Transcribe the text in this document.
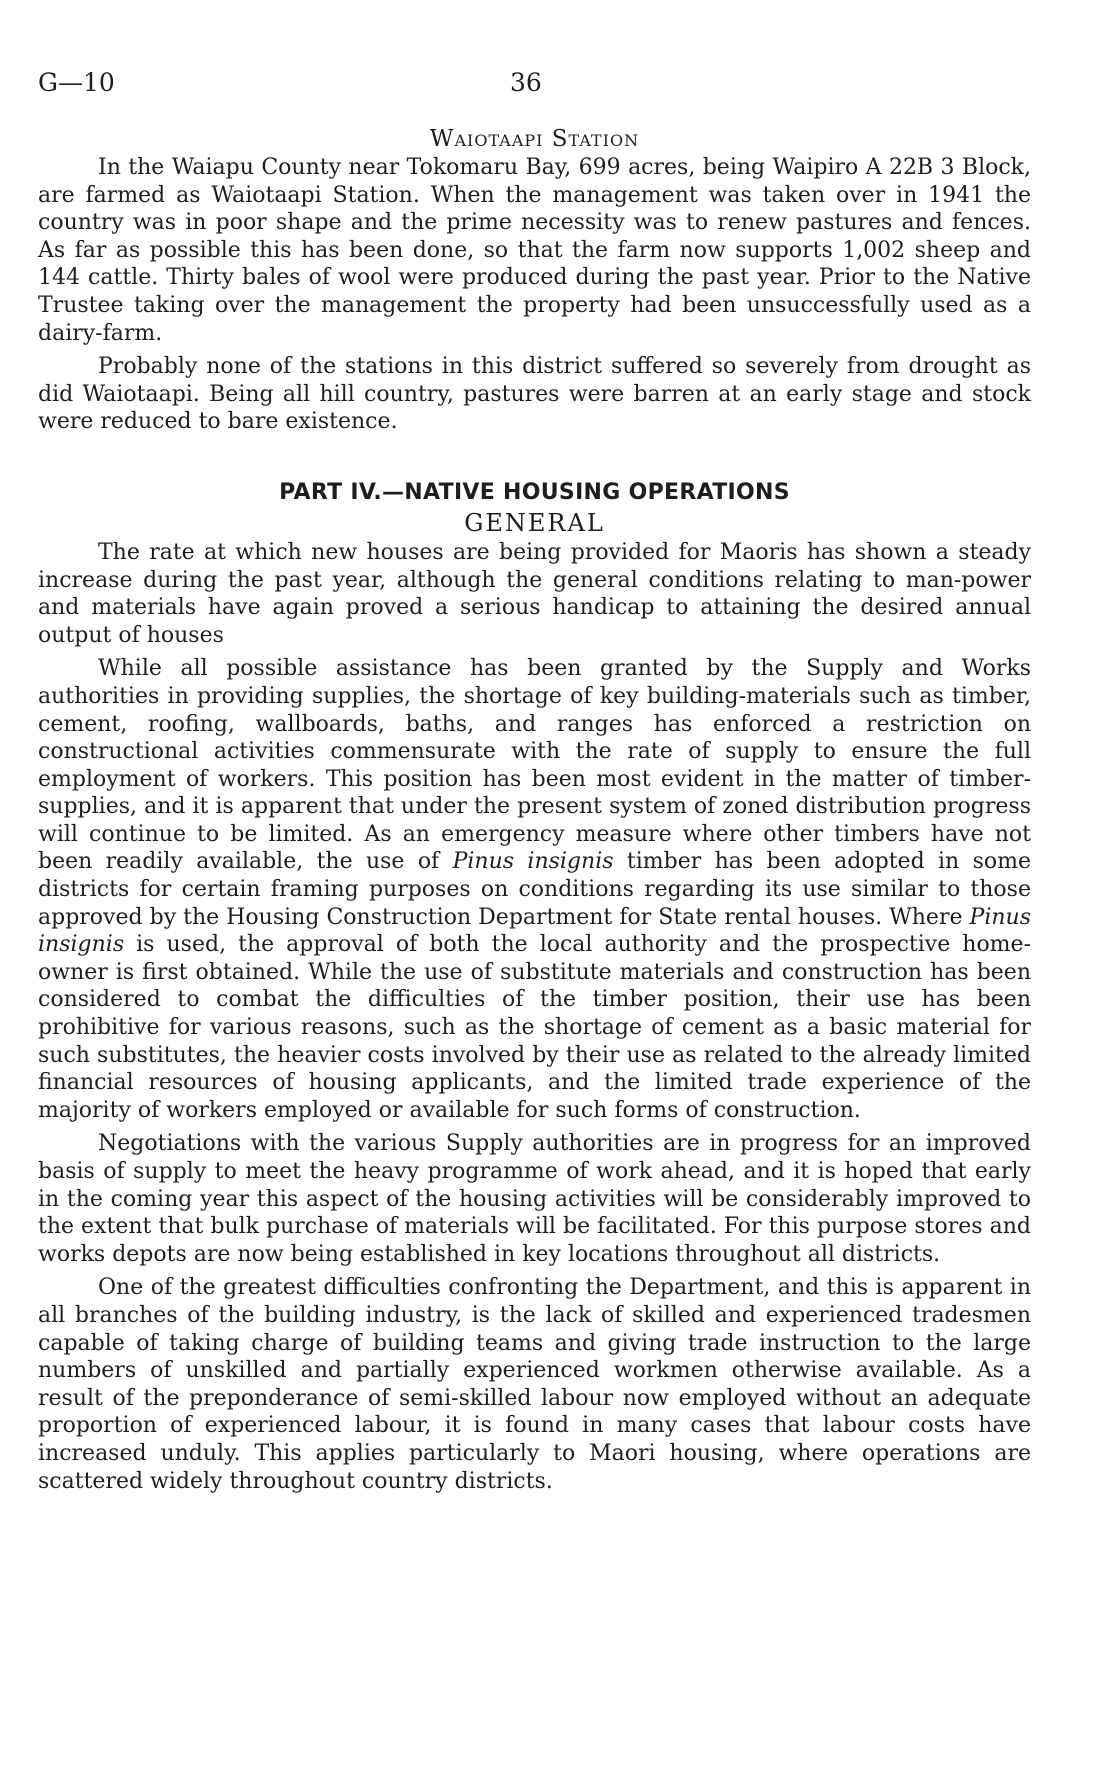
G—10	36
Waiotaapi Station

In the Waiapu County near Tokomaru Bay, 699 acres, being Waipiro A 22B 3 Block, are farmed as Waiotaapi Station. When the management was taken over in 1941 the country was in poor shape and the prime necessity was to renew pastures and fences. As far as possible this has been done, so that the farm now supports 1,002 sheep and 144 cattle. Thirty bales of wool were produced during the past year. Prior to the Native Trustee taking over the management the property had been unsuccessfully used as a dairy-farm.

Probably none of the stations in this district suffered so severely from drought as did Waiotaapi. Being all hill country, pastures were barren at an early stage and stock were reduced to bare existence.

PART IV.—NATIVE HOUSING OPERATIONS
GENERAL

The rate at which new houses are being provided for Maoris has shown a steady increase during the past year, although the general conditions relating to man-power and materials have again proved a serious handicap to attaining the desired annual output of houses

While all possible assistance has been granted by the Supply and Works authorities in providing supplies, the shortage of key building-materials such as timber, cement, roofing, wallboards, baths, and ranges has enforced a restriction on constructional activities commensurate with the rate of supply to ensure the full employment of workers. This position has been most evident in the matter of timber-supplies, and it is apparent that under the present system of zoned distribution progress will continue to be limited. As an emergency measure where other timbers have not been readily available, the use of Pinus insignis timber has been adopted in some districts for certain framing purposes on conditions regarding its use similar to those approved by the Housing Construction Department for State rental houses. Where Pinus insignis is used, the approval of both the local authority and the prospective home-owner is first obtained. While the use of substitute materials and construction has been considered to combat the difficulties of the timber position, their use has been prohibitive for various reasons, such as the shortage of cement as a basic material for such substitutes, the heavier costs involved by their use as related to the already limited financial resources of housing applicants, and the limited trade experience of the majority of workers employed or available for such forms of construction.

Negotiations with the various Supply authorities are in progress for an improved basis of supply to meet the heavy programme of work ahead, and it is hoped that early in the coming year this aspect of the housing activities will be considerably improved to the extent that bulk purchase of materials will be facilitated. For this purpose stores and works depots are now being established in key locations throughout all districts.

One of the greatest difficulties confronting the Department, and this is apparent in all branches of the building industry, is the lack of skilled and experienced tradesmen capable of taking charge of building teams and giving trade instruction to the large numbers of unskilled and partially experienced workmen otherwise available. As a result of the preponderance of semi-skilled labour now employed without an adequate proportion of experienced labour, it is found in many cases that labour costs have increased unduly. This applies particularly to Maori housing, where operations are scattered widely throughout country districts.
